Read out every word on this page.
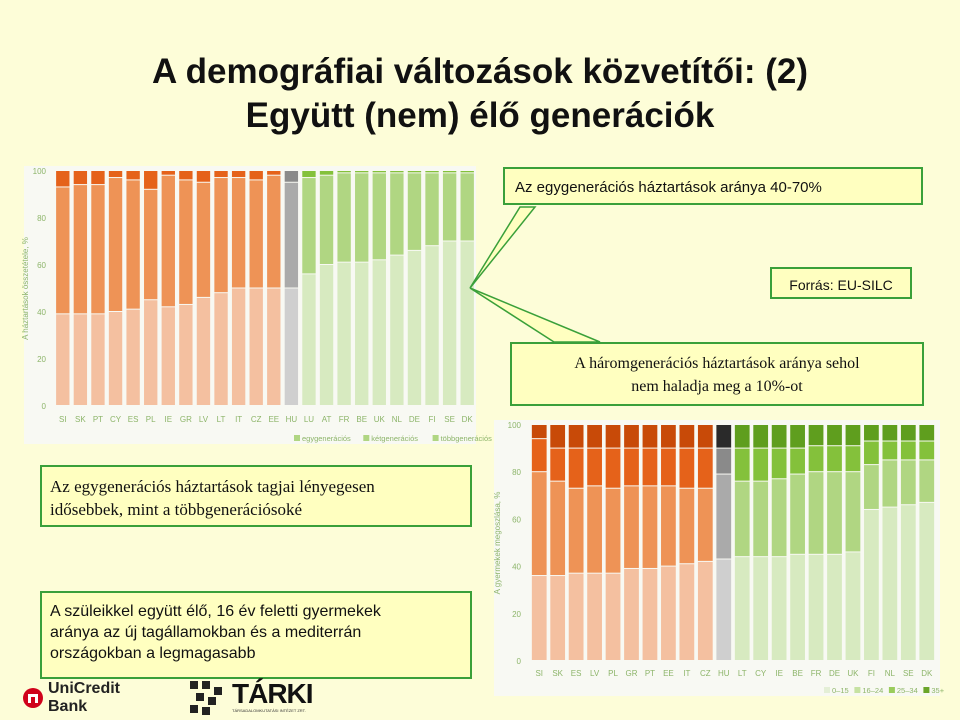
A demográfiai változások közvetítői: (2)
Együtt (nem) élő generációk
0
20
40
60
80
100
A háztartások összetétele, %
SI SK PT CY ES PL IE GR LV LT IT CZ EE HU LU AT FR BE UK NL DE FI SE DK
egygenerációs	kétgenerációs	többgenerációs
0
20
40
60
80
100
A gyermekek megoszlása, %
SI SK ES LV PL GR PT EE IT CZ HU LT CY IE BE FR DE UK FI NL SE DK
0–15 16–24 25–34 35+
Az egygenerációs háztartások aránya 40-70%
Forrás: EU-SILC
A háromgenerációs háztartások aránya sehol
nem haladja meg a 10%-ot
Az egygenerációs háztartások tagjai lényegesen
idősebbek, mint a többgenerációsoké
A szüleikkel együtt élő, 16 év feletti gyermekek
aránya az új tagállamokban és a mediterrán
országokban a legmagasabb
UniCredit Bank	TÁRKI
TÁRSADALOMKUTATÁSI INTÉZET ZRT.
